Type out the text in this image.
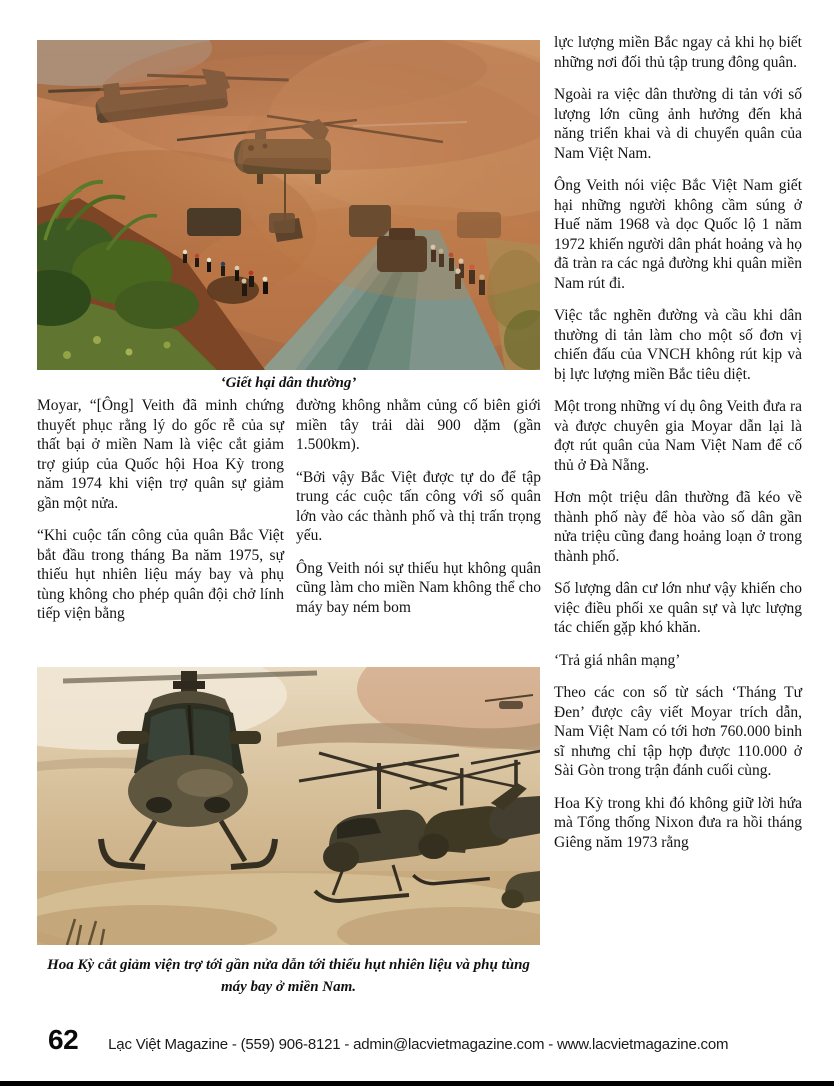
‘Giết hại dân thường’

Moyar, “[Ông] Veith đã minh chứng thuyết phục rằng lý do gốc rễ của sự thất bại ở miền Nam là việc cắt giảm trợ giúp của Quốc hội Hoa Kỳ trong năm 1974 khi viện trợ quân sự giảm gần một nửa.

“Khi cuộc tấn công của quân Bắc Việt bắt đầu trong tháng Ba năm 1975, sự thiếu hụt nhiên liệu máy bay và phụ tùng không cho phép quân đội chở lính tiếp viện bằng

đường không nhằm củng cố biên giới miền tây trải dài 900 dặm (gần 1.500km).

“Bởi vậy Bắc Việt được tự do để tập trung các cuộc tấn công với số quân lớn vào các thành phố và thị trấn trọng yếu.

Ông Veith nói sự thiếu hụt không quân cũng làm cho miền Nam không thể cho máy bay ném bom

lực lượng miền Bắc ngay cả khi họ biết những nơi đối thủ tập trung đông quân.

Ngoài ra việc dân thường di tản với số lượng lớn cũng ảnh hưởng đến khả năng triển khai và di chuyển quân của Nam Việt Nam.

Ông Veith nói việc Bắc Việt Nam giết hại những người không cầm súng ở Huế năm 1968 và dọc Quốc lộ 1 năm 1972 khiến người dân phát hoảng và họ đã tràn ra các ngả đường khi quân miền Nam rút đi.

Việc tắc nghẽn đường và cầu khi dân thường di tản làm cho một số đơn vị chiến đấu của VNCH không rút kịp và bị lực lượng miền Bắc tiêu diệt.

Một trong những ví dụ ông Veith đưa ra và được chuyên gia Moyar dẫn lại là đợt rút quân của Nam Việt Nam để cố thủ ở Đà Nẵng.

Hơn một triệu dân thường đã kéo về thành phố này để hòa vào số dân gần nửa triệu cũng đang hoảng loạn ở trong thành phố.

Số lượng dân cư lớn như vậy khiến cho việc điều phối xe quân sự và lực lượng tác chiến gặp khó khăn.

‘Trả giá nhân mạng’

Theo các con số từ sách ‘Tháng Tư Đen’ được cây viết Moyar trích dẫn, Nam Việt Nam có tới hơn 760.000 binh sĩ nhưng chỉ tập hợp được 110.000 ở Sài Gòn trong trận đánh cuối cùng.

Hoa Kỳ trong khi đó không giữ lời hứa mà Tổng thống Nixon đưa ra hồi tháng Giêng năm 1973 rằng

Hoa Kỳ cắt giảm viện trợ tới gần nửa dẫn tới thiếu hụt nhiên liệu và phụ tùng máy bay ở miền Nam.
62 Lạc Việt Magazine - (559) 906-8121 - admin@lacvietmagazine.com - www.lacvietmagazine.com
